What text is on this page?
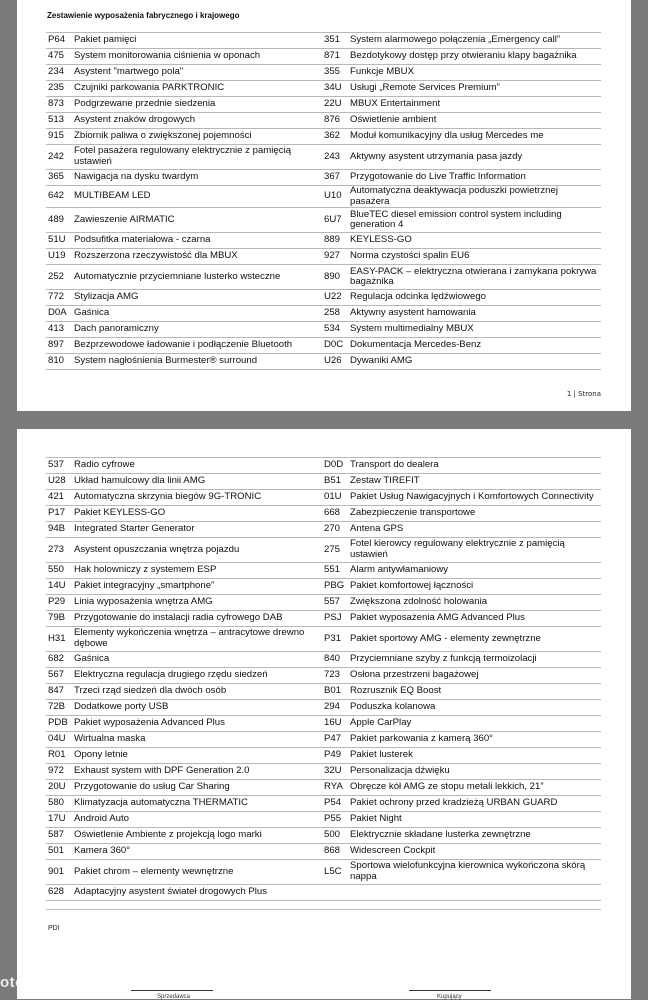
Zestawienie wyposażenia fabrycznego i krajowego
P64	Pakiet pamięci		351	System alarmowego połączenia „Emergency call”
475	System monitorowania ciśnienia w oponach		871	Bezdotykowy dostęp przy otwieraniu klapy bagażnika
234	Asystent "martwego pola"		355	Funkcje MBUX
235	Czujniki parkowania PARKTRONIC		34U	Usługi „Remote Services Premium”
873	Podgrzewane przednie siedzenia		22U	MBUX Entertainment
513	Asystent znaków drogowych		876	Oświetlenie ambient
915	Zbiornik paliwa o zwiększonej pojemności		362	Moduł komunikacyjny dla usług Mercedes me
242	Fotel pasażera regulowany elektrycznie z pamięcią ustawień		243	Aktywny asystent utrzymania pasa jazdy
365	Nawigacja na dysku twardym		367	Przygotowanie do Live Traffic Information
642	MULTIBEAM LED		U10	Automatyczna deaktywacja poduszki powietrznej pasażera
489	Zawieszenie AIRMATIC		6U7	BlueTEC diesel emission control system including generation 4
51U	Podsufitka materiałowa - czarna		889	KEYLESS-GO
U19	Rozszerzona rzeczywistość dla MBUX		927	Norma czystości spalin EU6
252	Automatycznie przyciemniane lusterko wsteczne		890	EASY-PACK – elektryczna otwierana i zamykana pokrywa bagażnika
772	Stylizacja AMG		U22	Regulacja odcinka lędźwiowego
D0A	Gaśnica		258	Aktywny asystent hamowania
413	Dach panoramiczny		534	System multimedialny MBUX
897	Bezprzewodowe ładowanie i podłączenie Bluetooth		D0C	Dokumentacja Mercedes-Benz
810	System nagłośnienia Burmester® surround		U26	Dywaniki AMG
1 | Strona
537	Radio cyfrowe		D0D	Transport do dealera
U28	Układ hamulcowy dla linii AMG		B51	Zestaw TIREFIT
421	Automatyczna skrzynia biegów 9G-TRONIC		01U	Pakiet Usług Nawigacyjnych i Komfortowych Connectivity
P17	Pakiet KEYLESS-GO		668	Zabezpieczenie transportowe
94B	Integrated Starter Generator		270	Antena GPS
273	Asystent opuszczania wnętrza pojazdu		275	Fotel kierowcy regulowany elektrycznie z pamięcią ustawień
550	Hak holowniczy z systemem ESP		551	Alarm antywłamaniowy
14U	Pakiet integracyjny „smartphone”		PBG	Pakiet komfortowej łączności
P29	Linia wyposażenia wnętrza AMG		557	Zwiększona zdolność holowania
79B	Przygotowanie do instalacji radia cyfrowego DAB		PSJ	Pakiet wyposażenia AMG Advanced Plus
H31	Elementy wykończenia wnętrza – antracytowe drewno dębowe		P31	Pakiet sportowy AMG - elementy zewnętrzne
682	Gaśnica		840	Przyciemniane szyby z funkcją termoizolacji
567	Elektryczna regulacja drugiego rzędu siedzeń		723	Osłona przestrzeni bagażowej
847	Trzeci rząd siedzeń dla dwóch osób		B01	Rozrusznik EQ Boost
72B	Dodatkowe porty USB		294	Poduszka kolanowa
PDB	Pakiet wyposażenia Advanced Plus		16U	Apple CarPlay
04U	Wirtualna maska		P47	Pakiet parkowania z kamerą 360°
R01	Opony letnie		P49	Pakiet lusterek
972	Exhaust system with DPF Generation 2.0		32U	Personalizacja dźwięku
20U	Przygotowanie do usług Car Sharing		RYA	Obręcze kół AMG ze stopu metali lekkich, 21”
580	Klimatyzacja automatyczna THERMATIC		P54	Pakiet ochrony przed kradzieżą URBAN GUARD
17U	Android Auto		P55	Pakiet Night
587	Oświetlenie Ambiente z projekcją logo marki		500	Elektrycznie składane lusterka zewnętrzne
501	Kamera 360°		868	Widescreen Cockpit
901	Pakiet chrom – elementy wewnętrzne		L5C	Sportowa wielofunkcyjna kierownica wykończona skórą nappa
628	Adaptacyjny asystent świateł drogowych Plus			
PDI
Sprzedawca	Kupujący
otomoto
